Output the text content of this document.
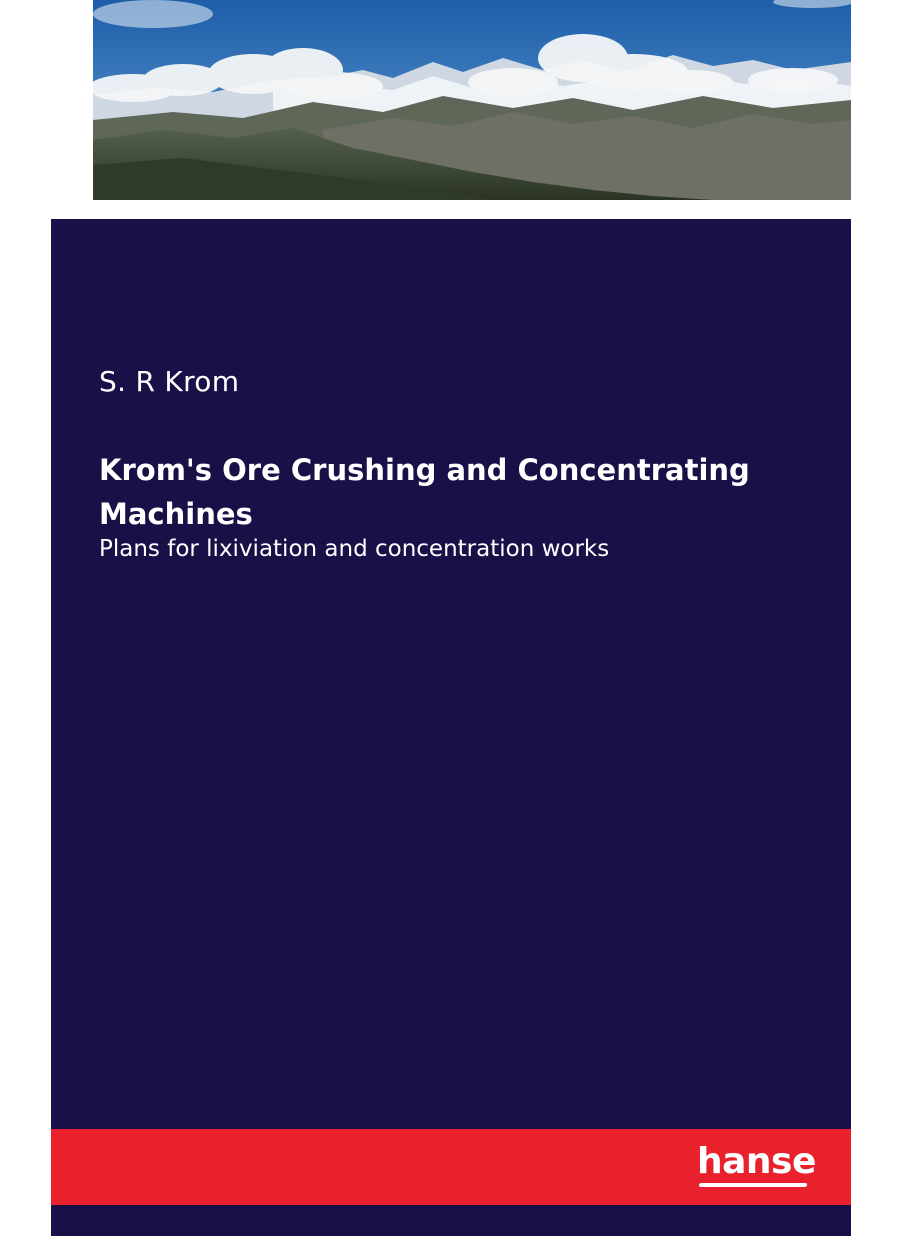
S. R Krom
Krom's Ore Crushing and Concentrating Machines
Plans for lixiviation and concentration works
hanse
